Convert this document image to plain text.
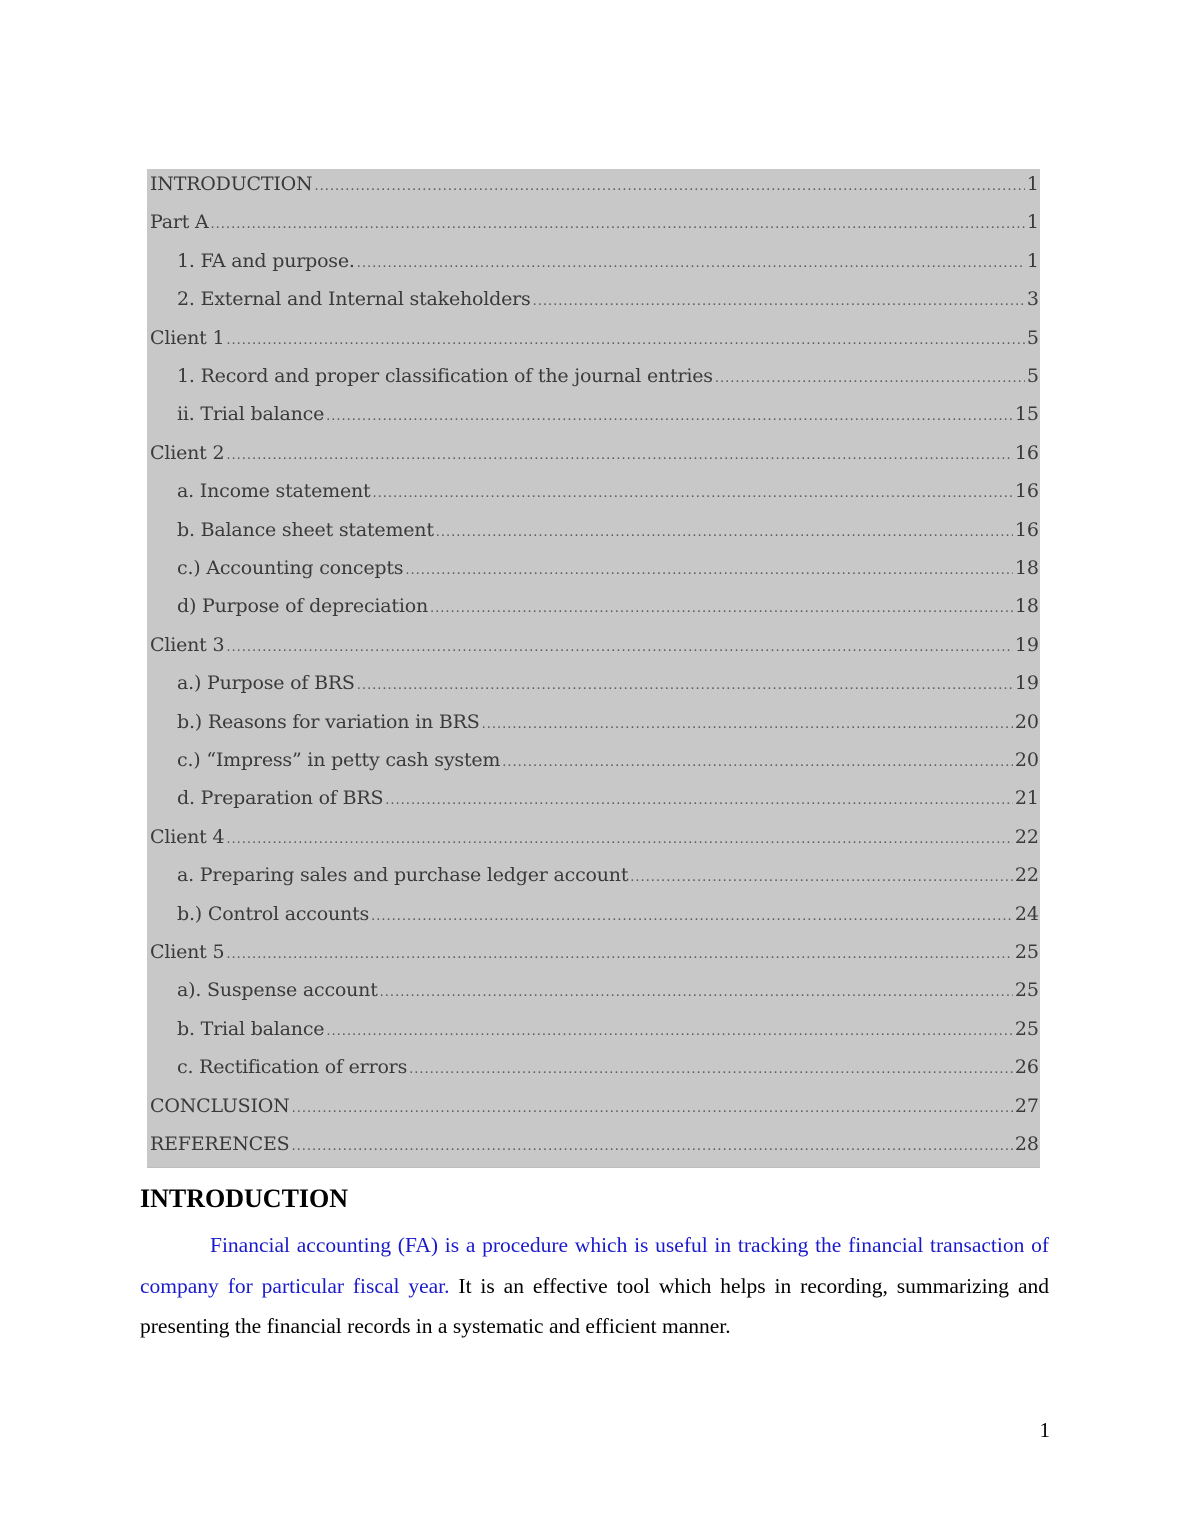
INTRODUCTION .....	1
Part A .....	1
1. FA and purpose. .....	1
2. External and Internal stakeholders .....	3
Client 1 .....	5
1. Record and proper classification of the journal entries .....	5
ii. Trial balance .....	15
Client 2 .....	16
a. Income statement .....	16
b. Balance sheet statement .....	16
c.) Accounting concepts .....	18
d) Purpose of depreciation .....	18
Client 3 .....	19
a.) Purpose of BRS .....	19
b.) Reasons for variation in BRS .....	20
c.) “Impress” in petty cash system .....	20
d. Preparation of BRS .....	21
Client 4 .....	22
a. Preparing sales and purchase ledger account .....	22
b.) Control accounts .....	24
Client 5 .....	25
a). Suspense account .....	25
b. Trial balance .....	25
c. Rectification of errors .....	26
CONCLUSION .....	27
REFERENCES .....	28
INTRODUCTION

Financial accounting (FA) is a procedure which is useful in tracking the financial transaction of company for particular fiscal year. It is an effective tool which helps in recording, summarizing and presenting the financial records in a systematic and efficient manner.

1
